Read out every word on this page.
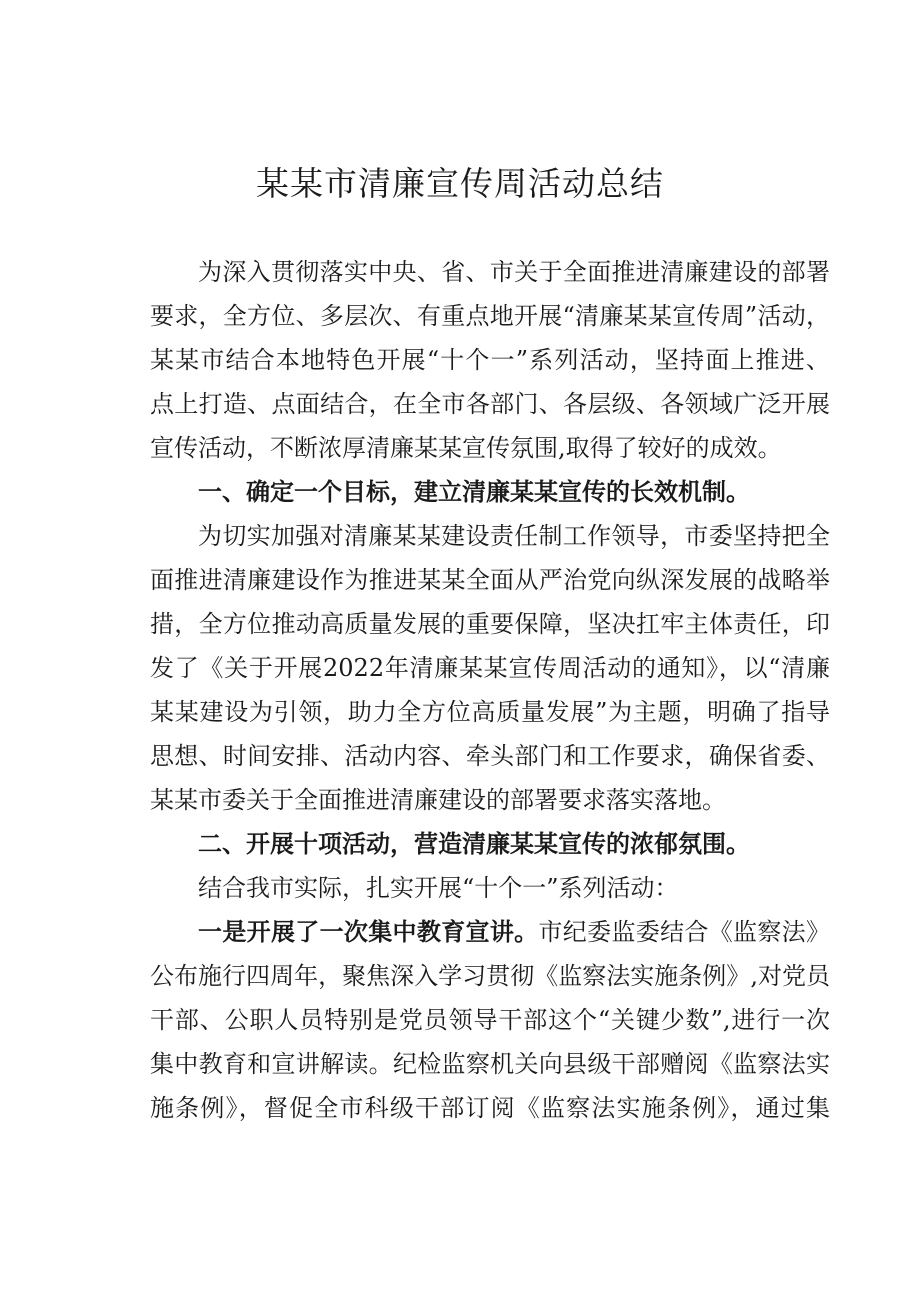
某某市清廉宣传周活动总结
为深入贯彻落实中央、省、市关于全面推进清廉建设的部署
要求，全方位、多层次、有重点地开展“清廉某某宣传周”活动，
某某市结合本地特色开展“十个一”系列活动，坚持面上推进、
点上打造、点面结合，在全市各部门、各层级、各领域广泛开展
宣传活动，不断浓厚清廉某某宣传氛围,取得了较好的成效。
一、确定一个目标，建立清廉某某宣传的长效机制。
为切实加强对清廉某某建设责任制工作领导，市委坚持把全
面推进清廉建设作为推进某某全面从严治党向纵深发展的战略举
措，全方位推动高质量发展的重要保障，坚决扛牢主体责任，印
发了《关于开展2022年清廉某某宣传周活动的通知》，以“清廉
某某建设为引领，助力全方位高质量发展”为主题，明确了指导
思想、时间安排、活动内容、牵头部门和工作要求，确保省委、
某某市委关于全面推进清廉建设的部署要求落实落地。
二、开展十项活动，营造清廉某某宣传的浓郁氛围。
结合我市实际，扎实开展“十个一”系列活动：
一是开展了一次集中教育宣讲。市纪委监委结合《监察法》
公布施行四周年，聚焦深入学习贯彻《监察法实施条例》,对党员
干部、公职人员特别是党员领导干部这个“关键少数”,进行一次
集中教育和宣讲解读。纪检监察机关向县级干部赠阅《监察法实
施条例》，督促全市科级干部订阅《监察法实施条例》，通过集
